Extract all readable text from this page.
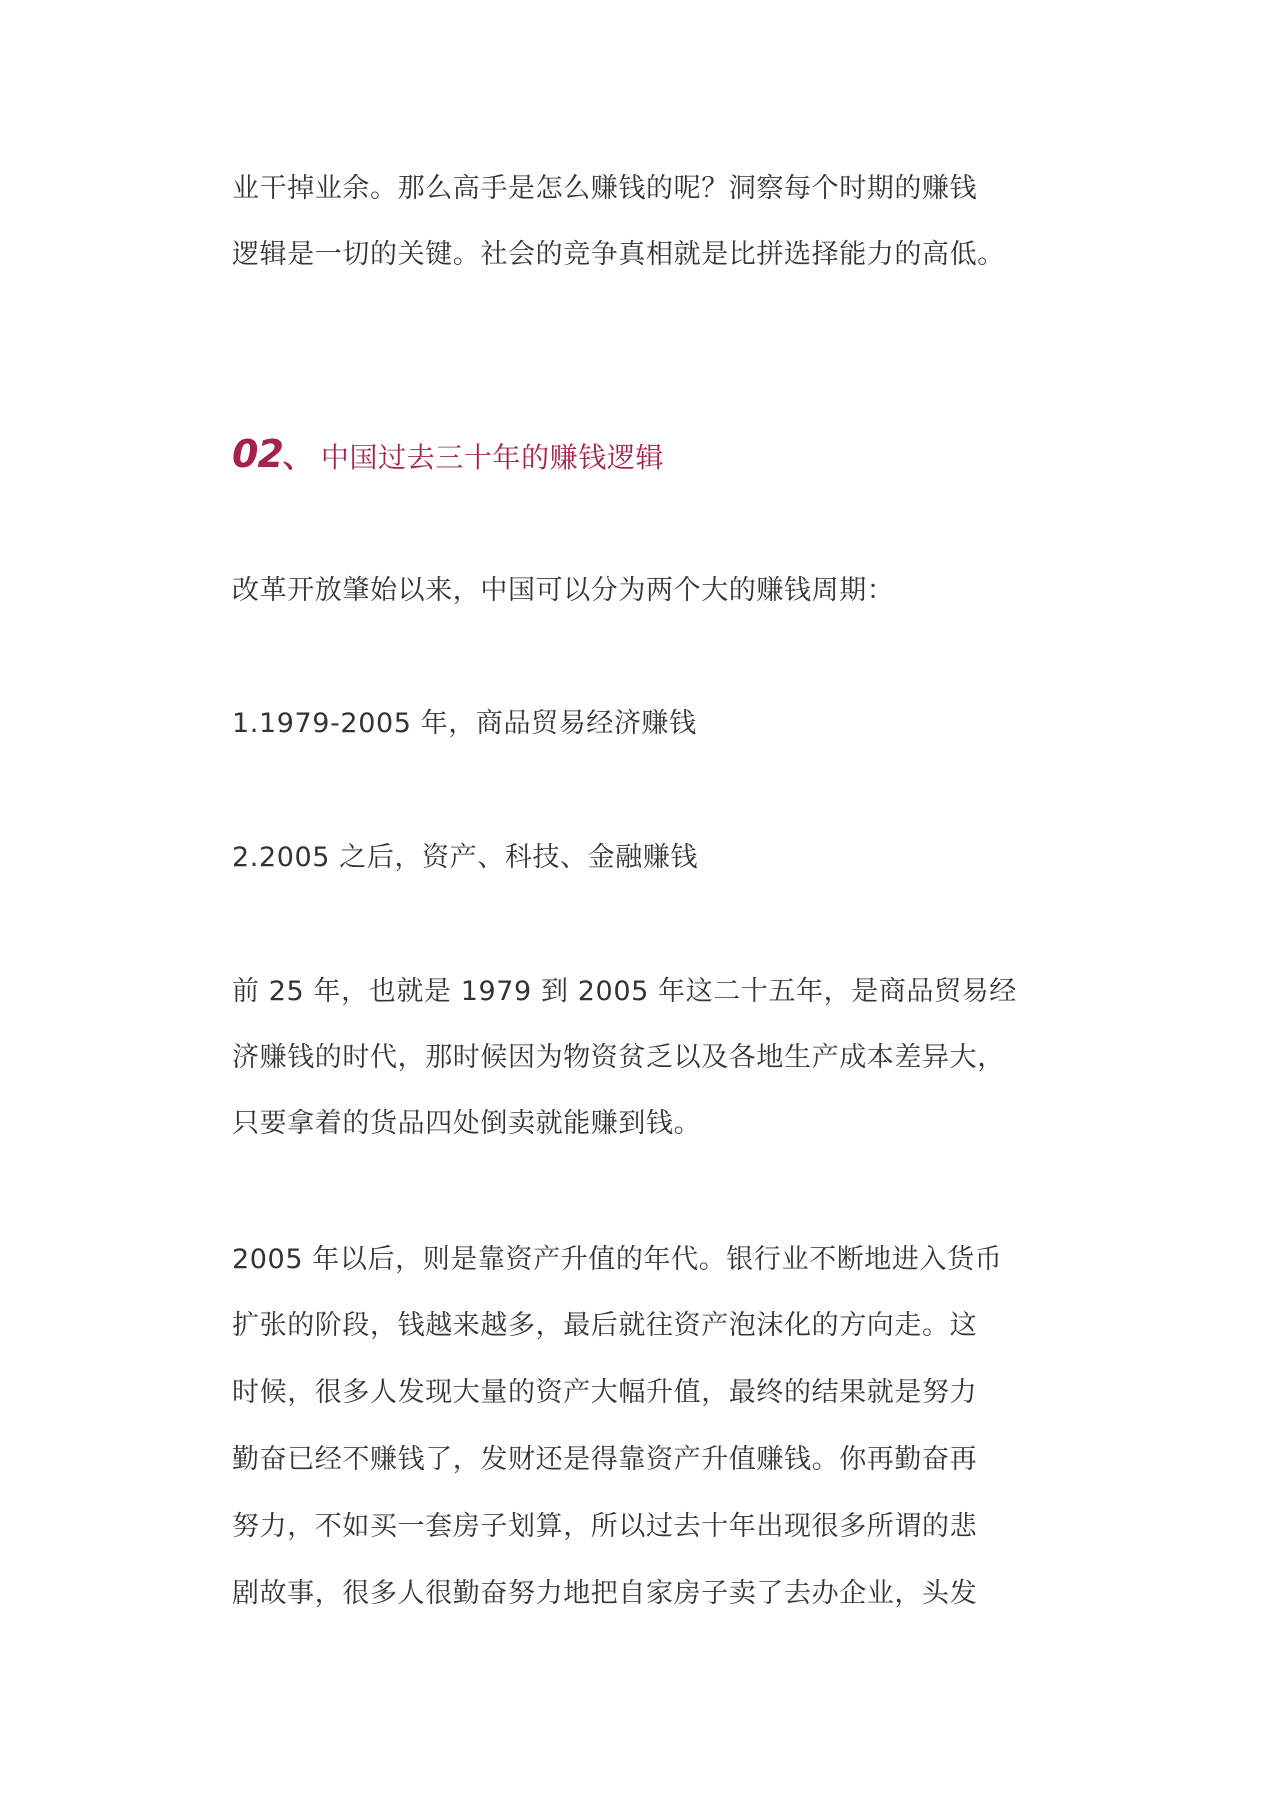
业干掉业余。那么高手是怎么赚钱的呢？洞察每个时期的赚钱
逻辑是一切的关键。社会的竞争真相就是比拼选择能力的高低。
02 、 中国过去三十年的赚钱逻辑
改革开放肇始以来，中国可以分为两个大的赚钱周期：
1.1979-2005 年，商品贸易经济赚钱
2.2005 之后，资产、科技、金融赚钱
前 25 年，也就是 1979 到 2005 年这二十五年，是商品贸易经
济赚钱的时代，那时候因为物资贫乏以及各地生产成本差异大，
只要拿着的货品四处倒卖就能赚到钱。
2005 年以后，则是靠资产升值的年代。银行业不断地进入货币
扩张的阶段，钱越来越多，最后就往资产泡沫化的方向走。这
时候，很多人发现大量的资产大幅升值，最终的结果就是努力
勤奋已经不赚钱了，发财还是得靠资产升值赚钱。你再勤奋再
努力，不如买一套房子划算，所以过去十年出现很多所谓的悲
剧故事，很多人很勤奋努力地把自家房子卖了去办企业，头发
